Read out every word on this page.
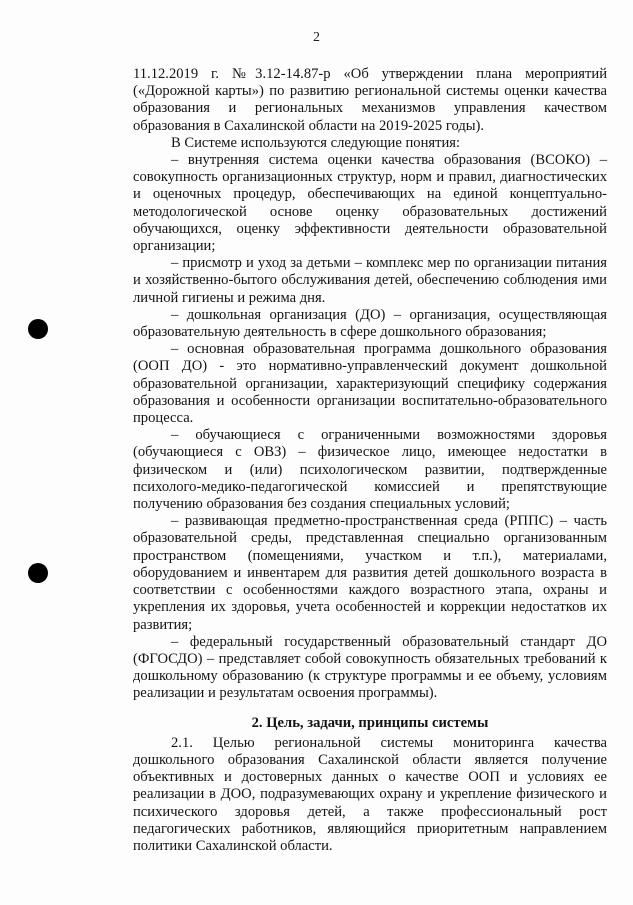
2

11.12.2019 г. №3.12-14.87-р «Об утверждении плана мероприятий («Дорожной карты») по развитию региональной системы оценки качества образования и региональных механизмов управления качеством образования в Сахалинской области на 2019-2025 годы).

В Системе используются следующие понятия:

– внутренняя система оценки качества образования (ВСОКО) – совокупность организационных структур, норм и правил, диагностических и оценочных процедур, обеспечивающих на единой концептуально-методологической основе оценку образовательных достижений обучающихся, оценку эффективности деятельности образовательной организации;

– присмотр и уход за детьми – комплекс мер по организации питания и хозяйственно-бытого обслуживания детей, обеспечению соблюдения ими личной гигиены и режима дня.

– дошкольная организация (ДО) – организация, осуществляющая образовательную деятельность в сфере дошкольного образования;

– основная образовательная программа дошкольного образования (ООП ДО) - это нормативно-управленческий документ дошкольной образовательной организации, характеризующий специфику содержания образования и особенности организации воспитательно-образовательного процесса.

– обучающиеся с ограниченными возможностями здоровья (обучающиеся с ОВЗ) – физическое лицо, имеющее недостатки в физическом и (или) психологическом развитии, подтвержденные психолого-медико-педагогической комиссией и препятствующие получению образования без создания специальных условий;

– развивающая предметно-пространственная среда (РППС) – часть образовательной среды, представленная специально организованным пространством (помещениями, участком и т.п.), материалами, оборудованием и инвентарем для развития детей дошкольного возраста в соответствии с особенностями каждого возрастного этапа, охраны и укрепления их здоровья, учета особенностей и коррекции недостатков их развития;

– федеральный государственный образовательный стандарт ДО (ФГОСДО) – представляет собой совокупность обязательных требований к дошкольному образованию (к структуре программы и ее объему, условиям реализации и результатам освоения программы).

2. Цель, задачи, принципы системы

2.1. Целью региональной системы мониторинга качества дошкольного образования Сахалинской области является получение объективных и достоверных данных о качестве ООП и условиях ее реализации в ДОО, подразумевающих охрану и укрепление физического и психического здоровья детей, а также профессиональный рост педагогических работников, являющийся приоритетным направлением политики Сахалинской области.
